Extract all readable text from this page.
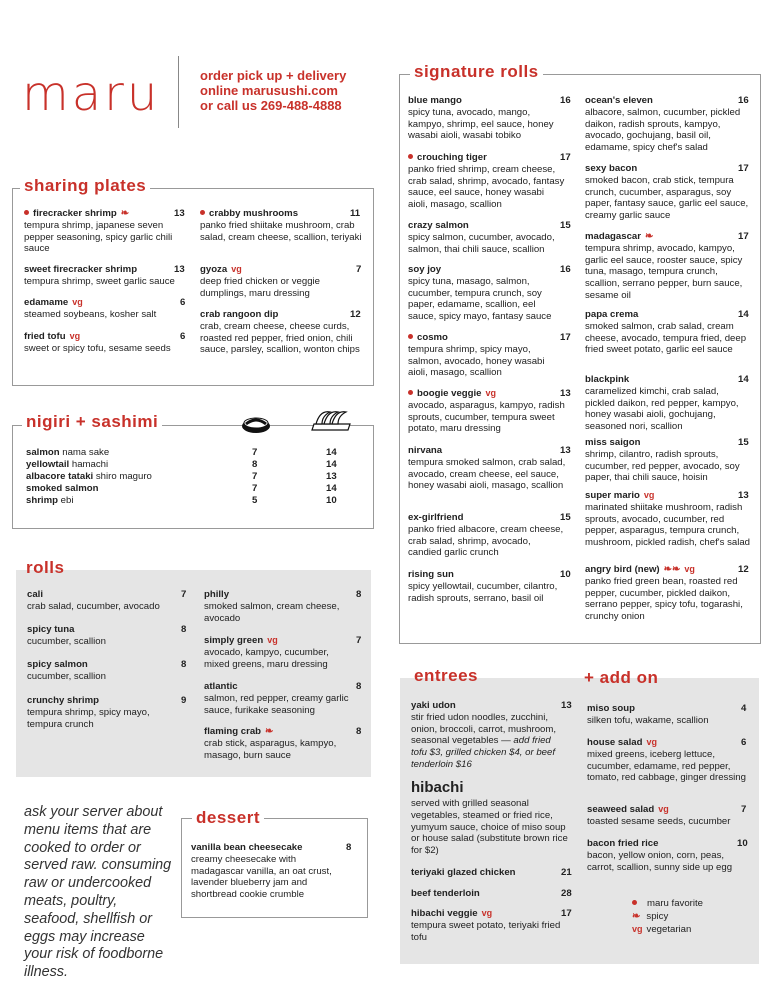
maru	order pick up + delivery
online marusushi.com
or call us 269-488-4888
sharing plates
firecracker shrimp ❧
tempura shrimp, japanese seven pepper seasoning, spicy garlic chili sauce
13
sweet firecracker shrimp
tempura shrimp, sweet garlic sauce
13
edamame vg
steamed soybeans, kosher salt
6
fried tofu vg
sweet or spicy tofu, sesame seeds
6
crabby mushrooms
panko fried shiitake mushroom, crab salad, cream cheese, scallion, teriyaki
11
gyoza vg
deep fried chicken or veggie dumplings, maru dressing
7
crab rangoon dip
crab, cream cheese, cheese curds, roasted red pepper, fried onion, chili sauce, parsley, scallion, wonton chips
12
nigiri + sashimi
salmon nama sake	7	14
yellowtail hamachi	8	14
albacore tataki shiro maguro	7	13
smoked salmon	7	14
shrimp ebi	5	10
rolls
cali
crab salad, cucumber, avocado
7
spicy tuna
cucumber, scallion
8
spicy salmon
cucumber, scallion
8
crunchy shrimp
tempura shrimp, spicy mayo, tempura crunch
9
philly
smoked salmon, cream cheese, avocado
8
simply green vg
avocado, kampyo, cucumber, mixed greens, maru dressing
7
atlantic
salmon, red pepper, creamy garlic sauce, furikake seasoning
8
flaming crab ❧
crab stick, asparagus, kampyo, masago, burn sauce
8
ask your server about menu items that are cooked to order or served raw. consuming raw or undercooked meats, poultry, seafood, shellfish or eggs may increase your risk of foodborne illness.
dessert
vanilla bean cheesecake
creamy cheesecake with madagascar vanilla, an oat crust, lavender blueberry jam and shortbread cookie crumble
8
signature rolls
blue mango
spicy tuna, avocado, mango, kampyo, shrimp, eel sauce, honey wasabi aioli, wasabi tobiko
16
crouching tiger
panko fried shrimp, cream cheese, crab salad, shrimp, avocado, fantasy sauce, eel sauce, honey wasabi aioli, masago, scallion
17
crazy salmon
spicy salmon, cucumber, avocado, salmon, thai chili sauce, scallion
15
soy joy
spicy tuna, masago, salmon, cucumber, tempura crunch, soy paper, edamame, scallion, eel sauce, spicy mayo, fantasy sauce
16
cosmo
tempura shrimp, spicy mayo, salmon, avocado, honey wasabi aioli, masago, scallion
17
boogie veggie vg
avocado, asparagus, kampyo, radish sprouts, cucumber, tempura sweet potato, maru dressing
13
nirvana
tempura smoked salmon, crab salad, avocado, cream cheese, eel sauce, honey wasabi aioli, masago, scallion
13
ex-girlfriend
panko fried albacore, cream cheese, crab salad, shrimp, avocado, candied garlic crunch
15
rising sun
spicy yellowtail, cucumber, cilantro, radish sprouts, serrano, basil oil
10
ocean's eleven
albacore, salmon, cucumber, pickled daikon, radish sprouts, kampyo, avocado, gochujang, basil oil, edamame, spicy chef's salad
16
sexy bacon
smoked bacon, crab stick, tempura crunch, cucumber, asparagus, soy paper, fantasy sauce, garlic eel sauce, creamy garlic sauce
17
madagascar ❧
tempura shrimp, avocado, kampyo, garlic eel sauce, rooster sauce, spicy tuna, masago, tempura crunch, scallion, serrano pepper, burn sauce, sesame oil
17
papa crema
smoked salmon, crab salad, cream cheese, avocado, tempura fried, deep fried sweet potato, garlic eel sauce
14
blackpink
caramelized kimchi, crab salad, pickled daikon, red pepper, kampyo, honey wasabi aioli, gochujang, seasoned nori, scallion
14
miss saigon
shrimp, cilantro, radish sprouts, cucumber, red pepper, avocado, soy paper, thai chili sauce, hoisin
15
super mario vg
marinated shiitake mushroom, radish sprouts, avocado, cucumber, red pepper, asparagus, tempura crunch, mushroom, pickled radish, chef's salad
13
angry bird (new) ❧❧ vg
panko fried green bean, roasted red pepper, cucumber, pickled daikon, serrano pepper, spicy tofu, togarashi, crunchy onion
12
entrees	+ add on
yaki udon
stir fried udon noodles, zucchini, onion, broccoli, carrot, mushroom, seasonal vegetables — add fried tofu $3, grilled chicken $4, or beef tenderloin $16
13
hibachi
served with grilled seasonal vegetables, steamed or fried rice, yumyum sauce, choice of miso soup or house salad (substitute brown rice for $2)
teriyaki glazed chicken	21
beef tenderloin	28
hibachi veggie vg
tempura sweet potato, teriyaki fried tofu
17
miso soup
silken tofu, wakame, scallion
4
house salad vg
mixed greens, iceberg lettuce, cucumber, edamame, red pepper, tomato, red cabbage, ginger dressing
6
seaweed salad vg
toasted sesame seeds, cucumber
7
bacon fried rice
bacon, yellow onion, corn, peas, carrot, scallion, sunny side up egg
10
maru favorite
❧ spicy
vg vegetarian
